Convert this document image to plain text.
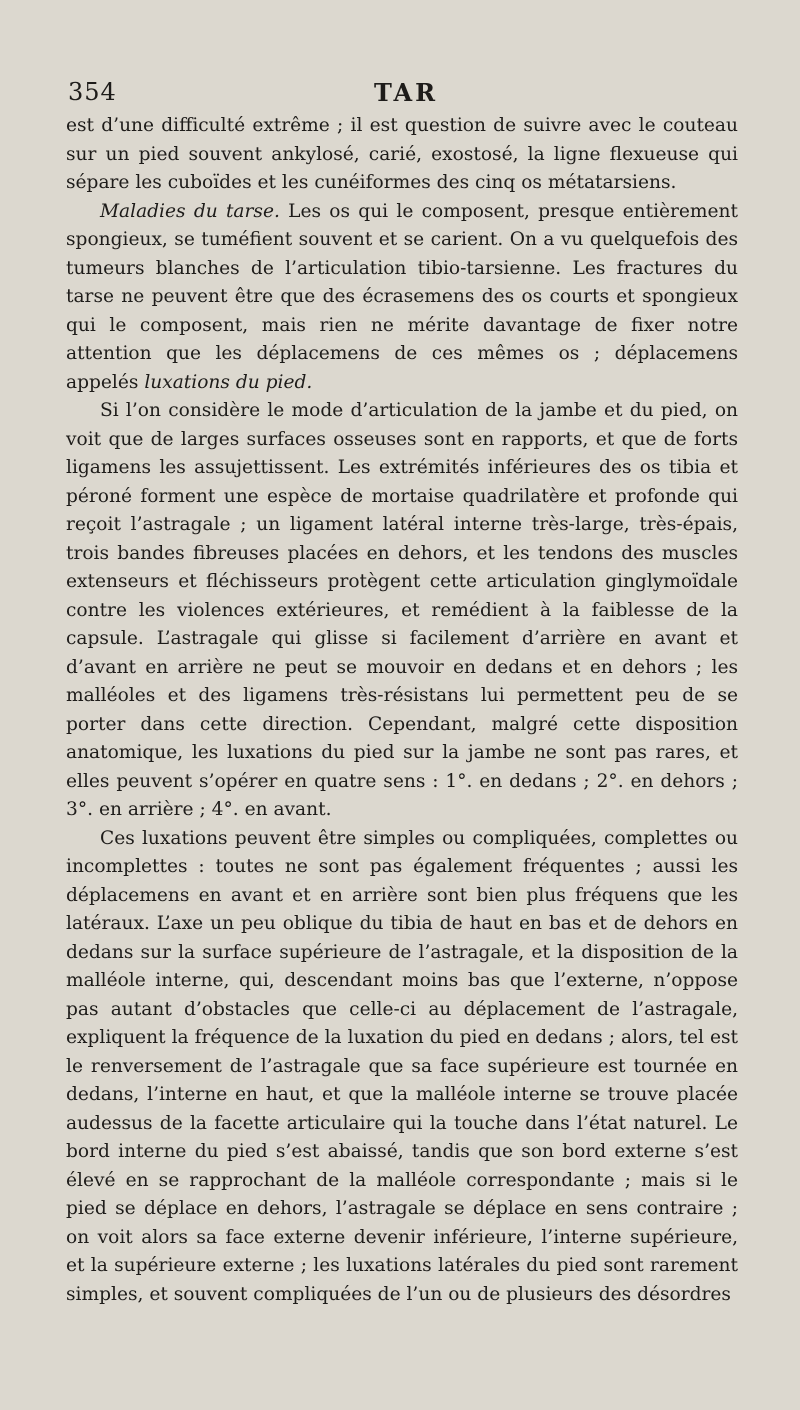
354	TAR

est d’une difficulté extrême ; il est question de suivre avec le couteau sur un pied souvent ankylosé, carié, exostosé, la ligne flexueuse qui sépare les cuboïdes et les cunéiformes des cinq os métatarsiens.

Maladies du tarse. Les os qui le composent, presque entièrement spongieux, se tuméfient souvent et se carient. On a vu quelquefois des tumeurs blanches de l’articulation tibio-tarsienne. Les fractures du tarse ne peuvent être que des écrasemens des os courts et spongieux qui le composent, mais rien ne mérite davantage de fixer notre attention que les déplacemens de ces mêmes os ; déplacemens appelés luxations du pied.

Si l’on considère le mode d’articulation de la jambe et du pied, on voit que de larges surfaces osseuses sont en rapports, et que de forts ligamens les assujettissent. Les extrémités inférieures des os tibia et péroné forment une espèce de mortaise quadrilatère et profonde qui reçoit l’astragale ; un ligament latéral interne très-large, très-épais, trois bandes fibreuses placées en dehors, et les tendons des muscles extenseurs et fléchisseurs protègent cette articulation ginglymoïdale contre les violences extérieures, et remédient à la faiblesse de la capsule. L’astragale qui glisse si facilement d’arrière en avant et d’avant en arrière ne peut se mouvoir en dedans et en dehors ; les malléoles et des ligamens très-résistans lui permettent peu de se porter dans cette direction. Cependant, malgré cette disposition anatomique, les luxations du pied sur la jambe ne sont pas rares, et elles peuvent s’opérer en quatre sens : 1°. en dedans ; 2°. en dehors ; 3°. en arrière ; 4°. en avant.

Ces luxations peuvent être simples ou compliquées, complettes ou incomplettes : toutes ne sont pas également fréquentes ; aussi les déplacemens en avant et en arrière sont bien plus fréquens que les latéraux. L’axe un peu oblique du tibia de haut en bas et de dehors en dedans sur la surface supérieure de l’astragale, et la disposition de la malléole interne, qui, descendant moins bas que l’externe, n’oppose pas autant d’obstacles que celle-ci au déplacement de l’astragale, expliquent la fréquence de la luxation du pied en dedans ; alors, tel est le renversement de l’astragale que sa face supérieure est tournée en dedans, l’interne en haut, et que la malléole interne se trouve placée audessus de la facette articulaire qui la touche dans l’état naturel. Le bord interne du pied s’est abaissé, tandis que son bord externe s’est élevé en se rapprochant de la malléole correspondante ; mais si le pied se déplace en dehors, l’astragale se déplace en sens contraire ; on voit alors sa face externe devenir inférieure, l’interne supérieure, et la supérieure externe ; les luxations latérales du pied sont rarement simples, et souvent compliquées de l’un ou de plusieurs des désordres
